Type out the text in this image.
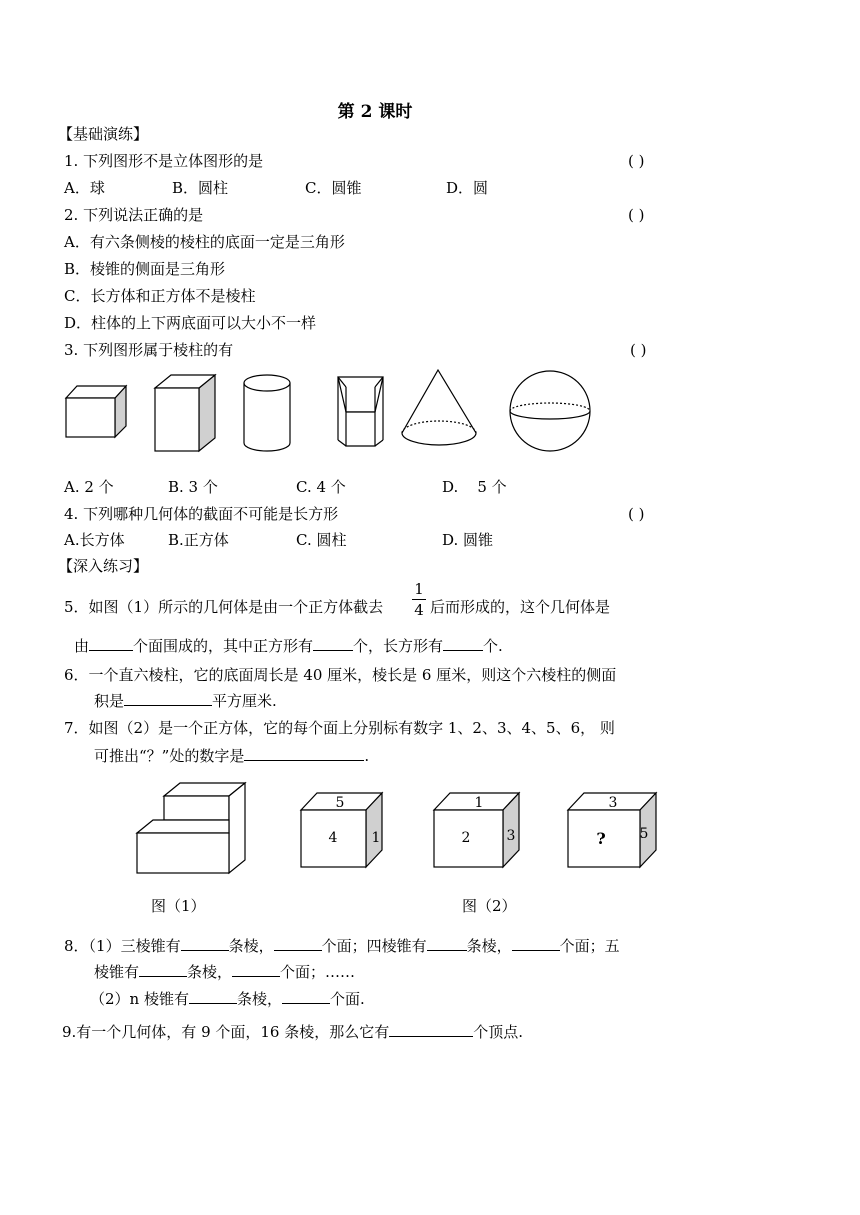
第 2 课时
【基础演练】
1. 下列图形不是立体图形的是	( )
A．球	B．圆柱	C．圆锥	D．圆
2. 下列说法正确的是	( )
A．有六条侧棱的棱柱的底面一定是三角形
B．棱锥的侧面是三角形
C．长方体和正方体不是棱柱
D．柱体的上下两底面可以大小不一样
3. 下列图形属于棱柱的有	( )
A. 2 个	B. 3 个	C. 4 个	D.    5 个
4. 下列哪种几何体的截面不可能是长方形	( )
A.长方体	B.正方体	C. 圆柱	D. 圆锥
【深入练习】
5．如图（1）所示的几何体是由一个正方体截去
1
4 后而形成的，这个几何体是
由	个面围成的，其中正方形有	个，长方形有	个.
6．一个直六棱柱，它的底面周长是 40 厘米，棱长是 6 厘米，则这个六棱柱的侧面
积是	平方厘米.
7．如图（2）是一个正方体，它的每个面上分别标有数字 1、2、3、4、5、6， 则
可推出“？”处的数字是	.
5
4 1
1
2	3
3
? 5
图（1）	图（2）
8．（1）三棱锥有	条棱，	个面；四棱锥有	条棱，	个面；五
棱锥有	条棱，	个面；……
（2）n 棱锥有	条棱，	个面.
9.有一个几何体，有 9 个面，16 条棱，那么它有	个顶点.
